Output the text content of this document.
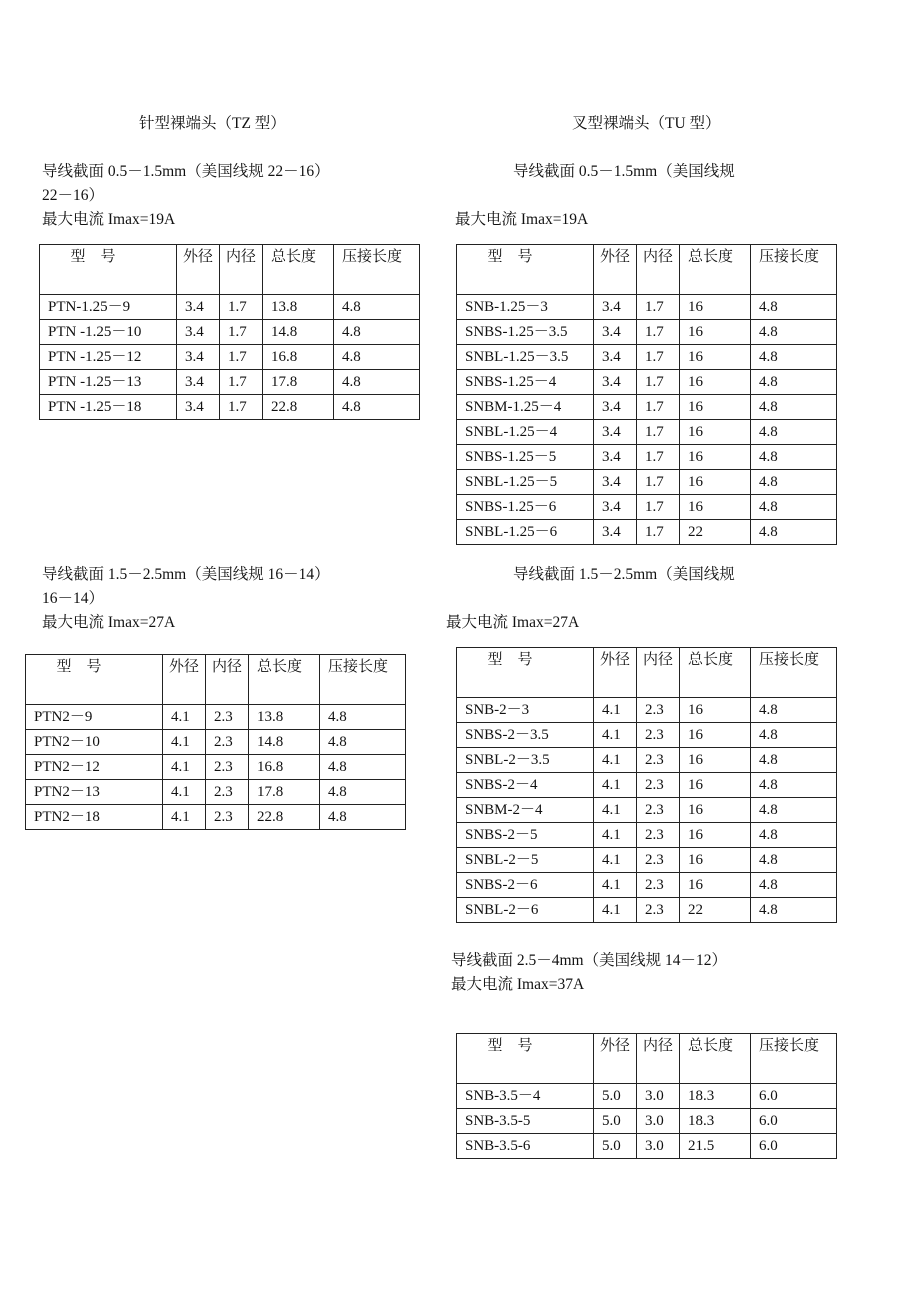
针型裸端头（TZ 型）	叉型裸端头（TU 型）
导线截面 0.5－1.5mm（美国线规 22－16）
22－16）
最大电流 Imax=19A
型　号	外径	内径	总长度	压接长度
PTN-1.25－9	3.4	1.7	13.8	4.8
PTN -1.25－10	3.4	1.7	14.8	4.8
PTN -1.25－12	3.4	1.7	16.8	4.8
PTN -1.25－13	3.4	1.7	17.8	4.8
PTN -1.25－18	3.4	1.7	22.8	4.8
导线截面 0.5－1.5mm（美国线规
最大电流 Imax=19A
型　号	外径	内径	总长度	压接长度
SNB-1.25－3	3.4	1.7	16	4.8
SNBS-1.25－3.5	3.4	1.7	16	4.8
SNBL-1.25－3.5	3.4	1.7	16	4.8
SNBS-1.25－4	3.4	1.7	16	4.8
SNBM-1.25－4	3.4	1.7	16	4.8
SNBL-1.25－4	3.4	1.7	16	4.8
SNBS-1.25－5	3.4	1.7	16	4.8
SNBL-1.25－5	3.4	1.7	16	4.8
SNBS-1.25－6	3.4	1.7	16	4.8
SNBL-1.25－6	3.4	1.7	22	4.8
导线截面 1.5－2.5mm（美国线规 16－14）
16－14）
最大电流 Imax=27A
型　号	外径	内径	总长度	压接长度
PTN2－9	4.1	2.3	13.8	4.8
PTN2－10	4.1	2.3	14.8	4.8
PTN2－12	4.1	2.3	16.8	4.8
PTN2－13	4.1	2.3	17.8	4.8
PTN2－18	4.1	2.3	22.8	4.8
导线截面 1.5－2.5mm（美国线规
最大电流 Imax=27A
型　号	外径	内径	总长度	压接长度
SNB-2－3	4.1	2.3	16	4.8
SNBS-2－3.5	4.1	2.3	16	4.8
SNBL-2－3.5	4.1	2.3	16	4.8
SNBS-2－4	4.1	2.3	16	4.8
SNBM-2－4	4.1	2.3	16	4.8
SNBS-2－5	4.1	2.3	16	4.8
SNBL-2－5	4.1	2.3	16	4.8
SNBS-2－6	4.1	2.3	16	4.8
SNBL-2－6	4.1	2.3	22	4.8
导线截面 2.5－4mm（美国线规 14－12）
最大电流 Imax=37A
型　号	外径	内径	总长度	压接长度
SNB-3.5－4	5.0	3.0	18.3	6.0
SNB-3.5-5	5.0	3.0	18.3	6.0
SNB-3.5-6	5.0	3.0	21.5	6.0
